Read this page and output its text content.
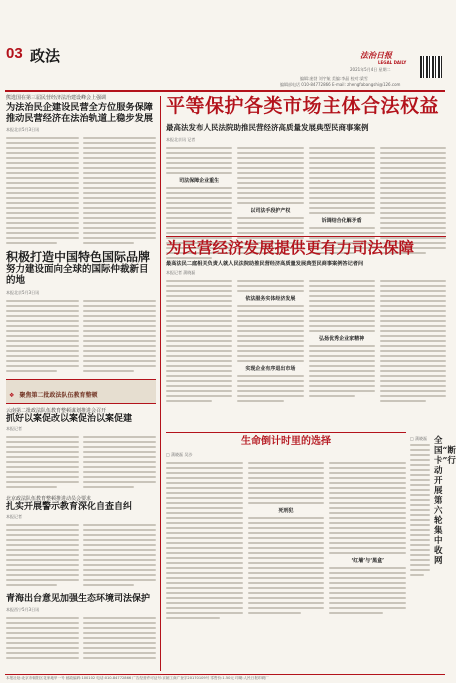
03 政法	法治日报
LEGAL DAILY
2021年5月4日 星期二
编辑:庞勃 刘宇航 美编:李晶 校对:梁雪
编辑部电话 010-84772866 E-mail: zhengfabangshi@126.com
熊选国在第三届民营经济法治建设峰会上强调
为法治民企建设民营全方位服务保障
推动民营经济在法治轨道上稳步发展
本报北京5月3日讯
积极打造中国特色国际品牌
努力建设面向全球的国际仲裁新目的地
本报北京5月3日讯
❖ 聚焦第二批政法队伍教育整顿
云南第二批政法队伍教育整顿谋划推进会召开
抓好以案促改以案促治以案促建
本报记者
北京政法队伍教育整顿推进动员会要求
扎实开展警示教育深化自查自纠
本报记者
青海出台意见加强生态环境司法保护
本报西宁5月3日讯
平等保护各类市场主体合法权益
最高法发布人民法院助推民营经济高质量发展典型民商事案例
本报北京讯 记者
司法保障企业重生
以司法手段护产权
诉调结合化解矛盾
为民营经济发展提供更有力司法保障
最高法民二庭相关负责人就人民法院助推民营经济高质量发展典型民商事案例答记者问
本报记者 蒲晓磊
依法服务实体经济发展
实现企业有序退出市场
弘扬优秀企业家精神
生命倒计时里的选择
□ 蒲晓磊 吴沙
死刑犯
‘红墙’与‘黑盒’
全国“断卡”行动开展第六轮集中收网
□ 蒲晓磊
本报社址:北京市朝阳区花家地甲一号 邮政编码:100102 电话:010-84772866 广告经营许可证号:京朝工商广登字20170109号 零售价:1.50元 印刷:人民日报印刷厂
